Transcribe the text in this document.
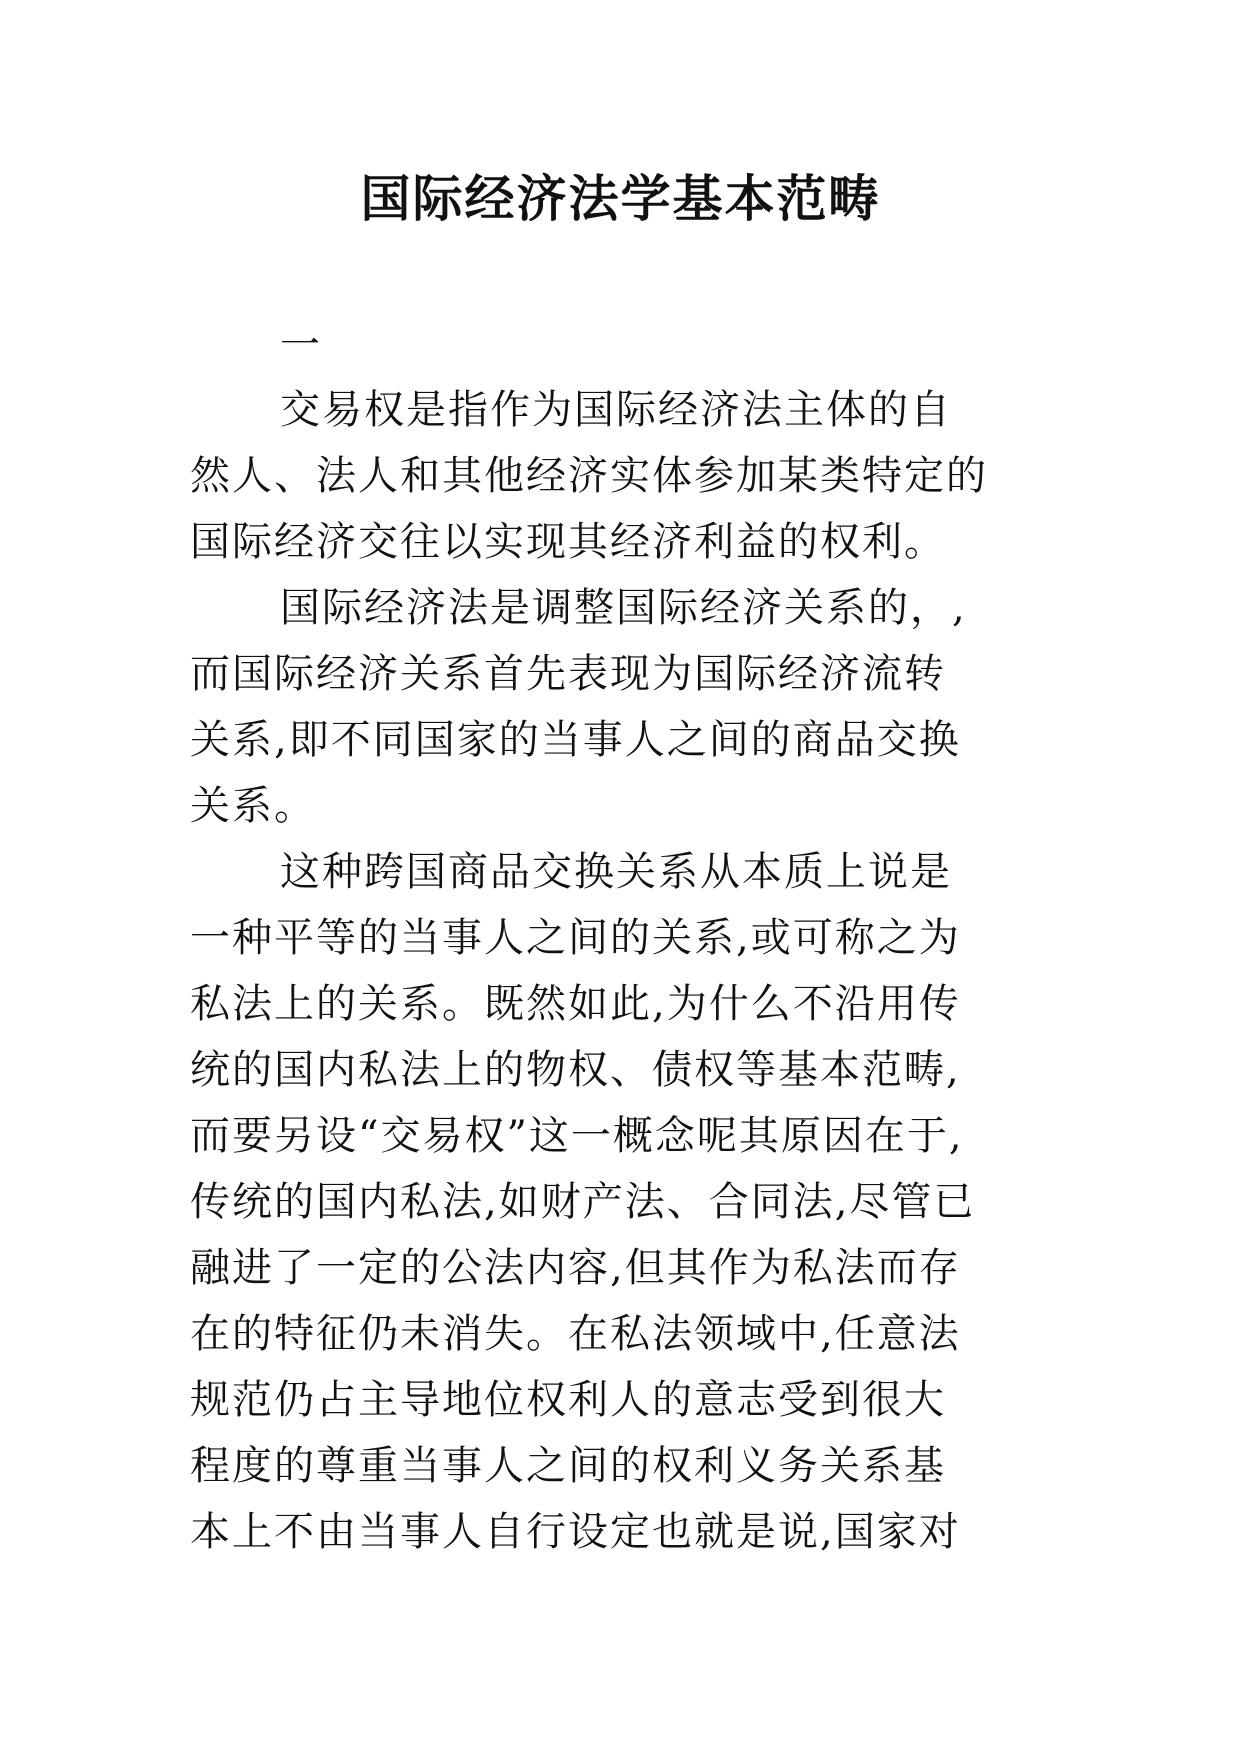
国际经济法学基本范畴

一

交易权是指作为国际经济法主体的自
然人、法人和其他经济实体参加某类特定的
国际经济交往以实现其经济利益的权利。
国际经济法是调整国际经济关系的，,
而国际经济关系首先表现为国际经济流转
关系,即不同国家的当事人之间的商品交换
关系。
这种跨国商品交换关系从本质上说是
一种平等的当事人之间的关系,或可称之为
私法上的关系。既然如此,为什么不沿用传
统的国内私法上的物权、债权等基本范畴,
而要另设“交易权”这一概念呢其原因在于,
传统的国内私法,如财产法、合同法,尽管已
融进了一定的公法内容,但其作为私法而存
在的特征仍未消失。在私法领域中,任意法
规范仍占主导地位权利人的意志受到很大
程度的尊重当事人之间的权利义务关系基
本上不由当事人自行设定也就是说,国家对
